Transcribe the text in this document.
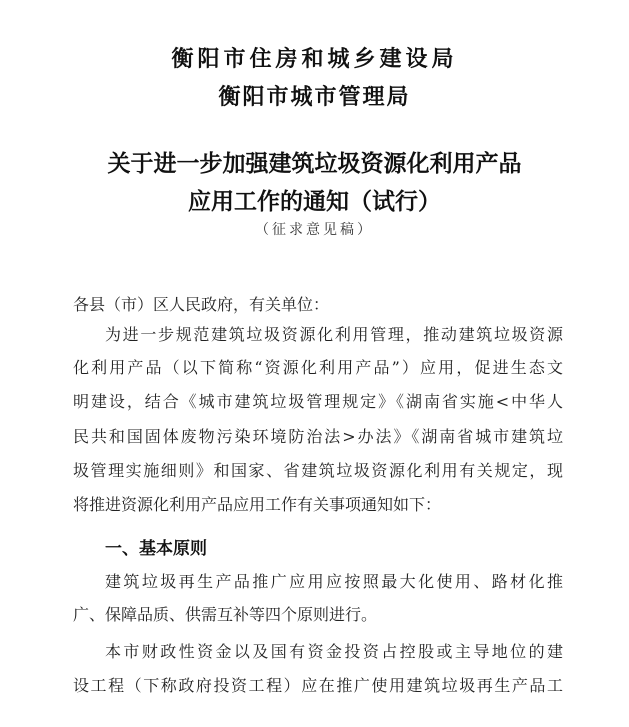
衡阳市住房和城乡建设局
衡阳市城市管理局
关于进一步加强建筑垃圾资源化利用产品
应用工作的通知（试行）
（征求意见稿）
各县（市）区人民政府，有关单位：
为进一步规范建筑垃圾资源化利用管理，推动建筑垃圾资源
化利用产品（以下简称“资源化利用产品”）应用，促进生态文
明建设，结合《城市建筑垃圾管理规定》《湖南省实施<中华人
民共和国固体废物污染环境防治法>办法》《湖南省城市建筑垃
圾管理实施细则》和国家、省建筑垃圾资源化利用有关规定，现
将推进资源化利用产品应用工作有关事项通知如下：
一、基本原则
建筑垃圾再生产品推广应用应按照最大化使用、路材化推
广、保障品质、供需互补等四个原则进行。
本市财政性资金以及国有资金投资占控股或主导地位的建
设工程（下称政府投资工程）应在推广使用建筑垃圾再生产品工
